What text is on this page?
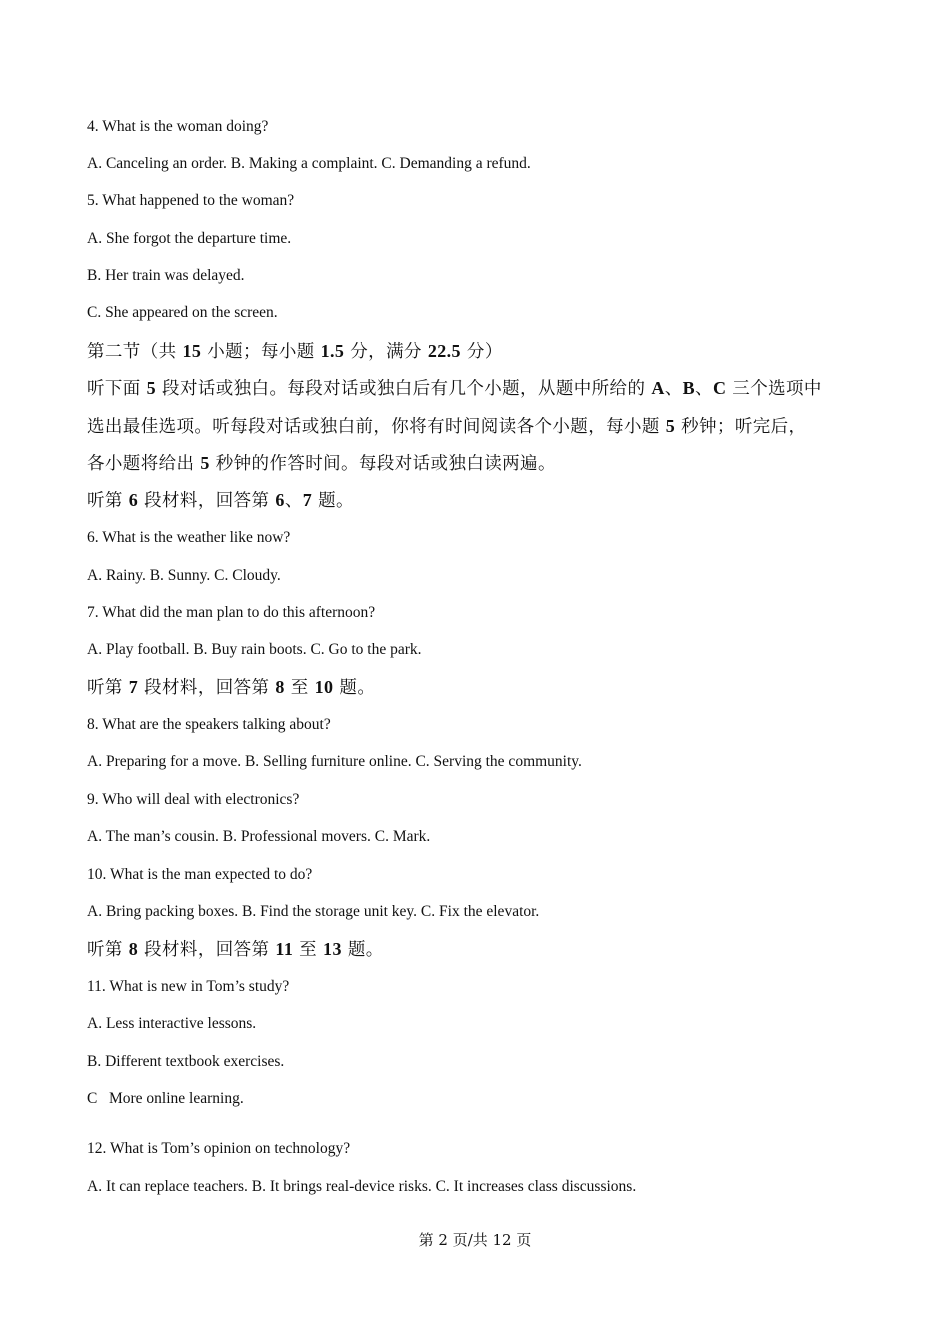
4. What is the woman doing?
A. Canceling an order. B. Making a complaint. C. Demanding a refund.
5. What happened to the woman?
A. She forgot the departure time.
B. Her train was delayed.
C. She appeared on the screen.
第二节（共 15 小题；每小题 1.5 分，满分 22.5 分）
听下面 5 段对话或独白。每段对话或独白后有几个小题，从题中所给的 A、B、C 三个选项中
选出最佳选项。听每段对话或独白前，你将有时间阅读各个小题，每小题 5 秒钟；听完后，
各小题将给出 5 秒钟的作答时间。每段对话或独白读两遍。
听第 6 段材料，回答第 6、7 题。
6. What is the weather like now?
A. Rainy. B. Sunny. C. Cloudy.
7. What did the man plan to do this afternoon?
A. Play football. B. Buy rain boots. C. Go to the park.
听第 7 段材料，回答第 8 至 10 题。
8. What are the speakers talking about?
A. Preparing for a move. B. Selling furniture online. C. Serving the community.
9. Who will deal with electronics?
A. The man’s cousin. B. Professional movers. C. Mark.
10. What is the man expected to do?
A. Bring packing boxes. B. Find the storage unit key. C. Fix the elevator.
听第 8 段材料，回答第 11 至 13 题。
11. What is new in Tom’s study?
A. Less interactive lessons.
B. Different textbook exercises.
C   More online learning.
12. What is Tom’s opinion on technology?
A. It can replace teachers. B. It brings real-device risks. C. It increases class discussions.
第 2 页/共 12 页
